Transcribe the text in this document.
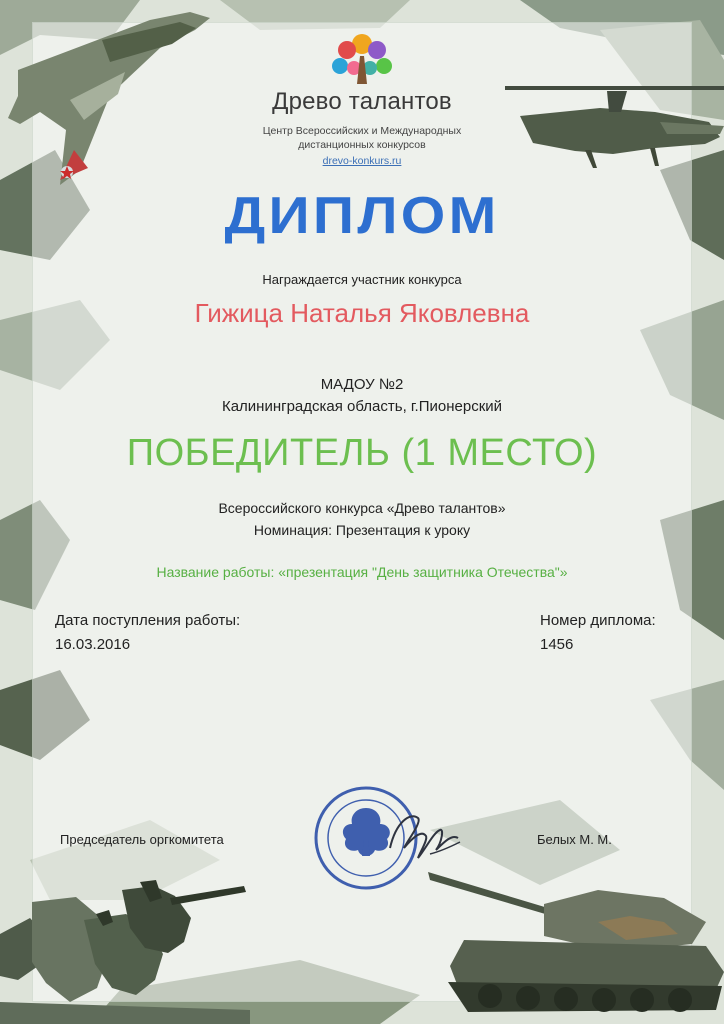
Древо талантов
Центр Всероссийских и Международных
дистанционных конкурсов
drevo-konkurs.ru
ДИПЛОМ
Награждается участник конкурса
Гижица Наталья Яковлевна
МАДОУ №2
Калининградская область, г.Пионерский
ПОБЕДИТЕЛЬ (1 МЕСТО)
Всероссийского конкурса «Древо талантов»
Номинация: Презентация к уроку
Название работы: «презентация "День защитника Отечества"»
Дата поступления работы:
16.03.2016
Номер диплома:
1456
Председатель оргкомитета	Белых М. М.
